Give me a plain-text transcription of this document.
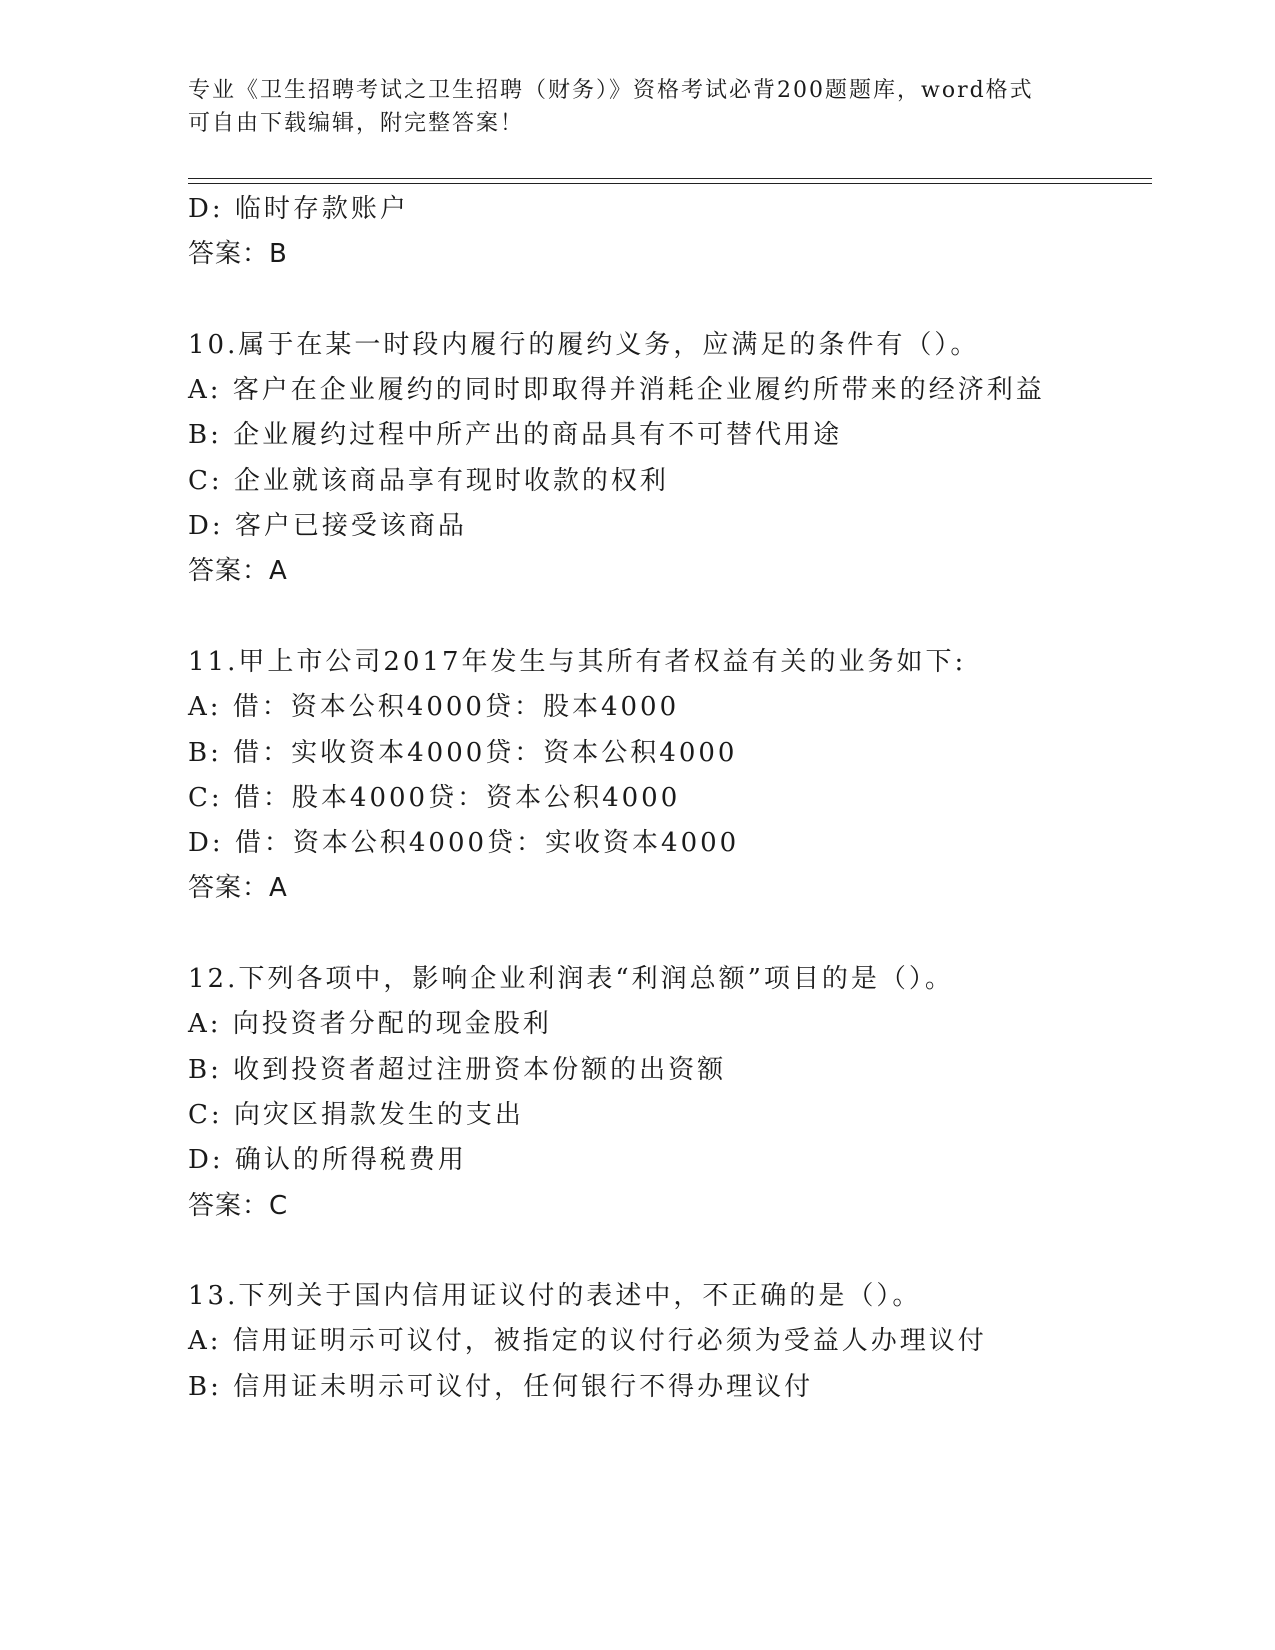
专业《卫生招聘考试之卫生招聘（财务）》资格考试必背200题题库，word格式
可自由下载编辑，附完整答案！
D: 临时存款账户
答案：B
10.属于在某一时段内履行的履约义务，应满足的条件有（）。
A: 客户在企业履约的同时即取得并消耗企业履约所带来的经济利益
B: 企业履约过程中所产出的商品具有不可替代用途
C: 企业就该商品享有现时收款的权利
D: 客户已接受该商品
答案：A
11.甲上市公司2017年发生与其所有者权益有关的业务如下:
A: 借：资本公积4000贷：股本4000
B: 借：实收资本4000贷：资本公积4000
C: 借：股本4000贷：资本公积4000
D: 借：资本公积4000贷：实收资本4000
答案：A
12.下列各项中，影响企业利润表“利润总额”项目的是（）。
A: 向投资者分配的现金股利
B: 收到投资者超过注册资本份额的出资额
C: 向灾区捐款发生的支出
D: 确认的所得税费用
答案：C
13.下列关于国内信用证议付的表述中，不正确的是（）。
A: 信用证明示可议付，被指定的议付行必须为受益人办理议付
B: 信用证未明示可议付，任何银行不得办理议付
